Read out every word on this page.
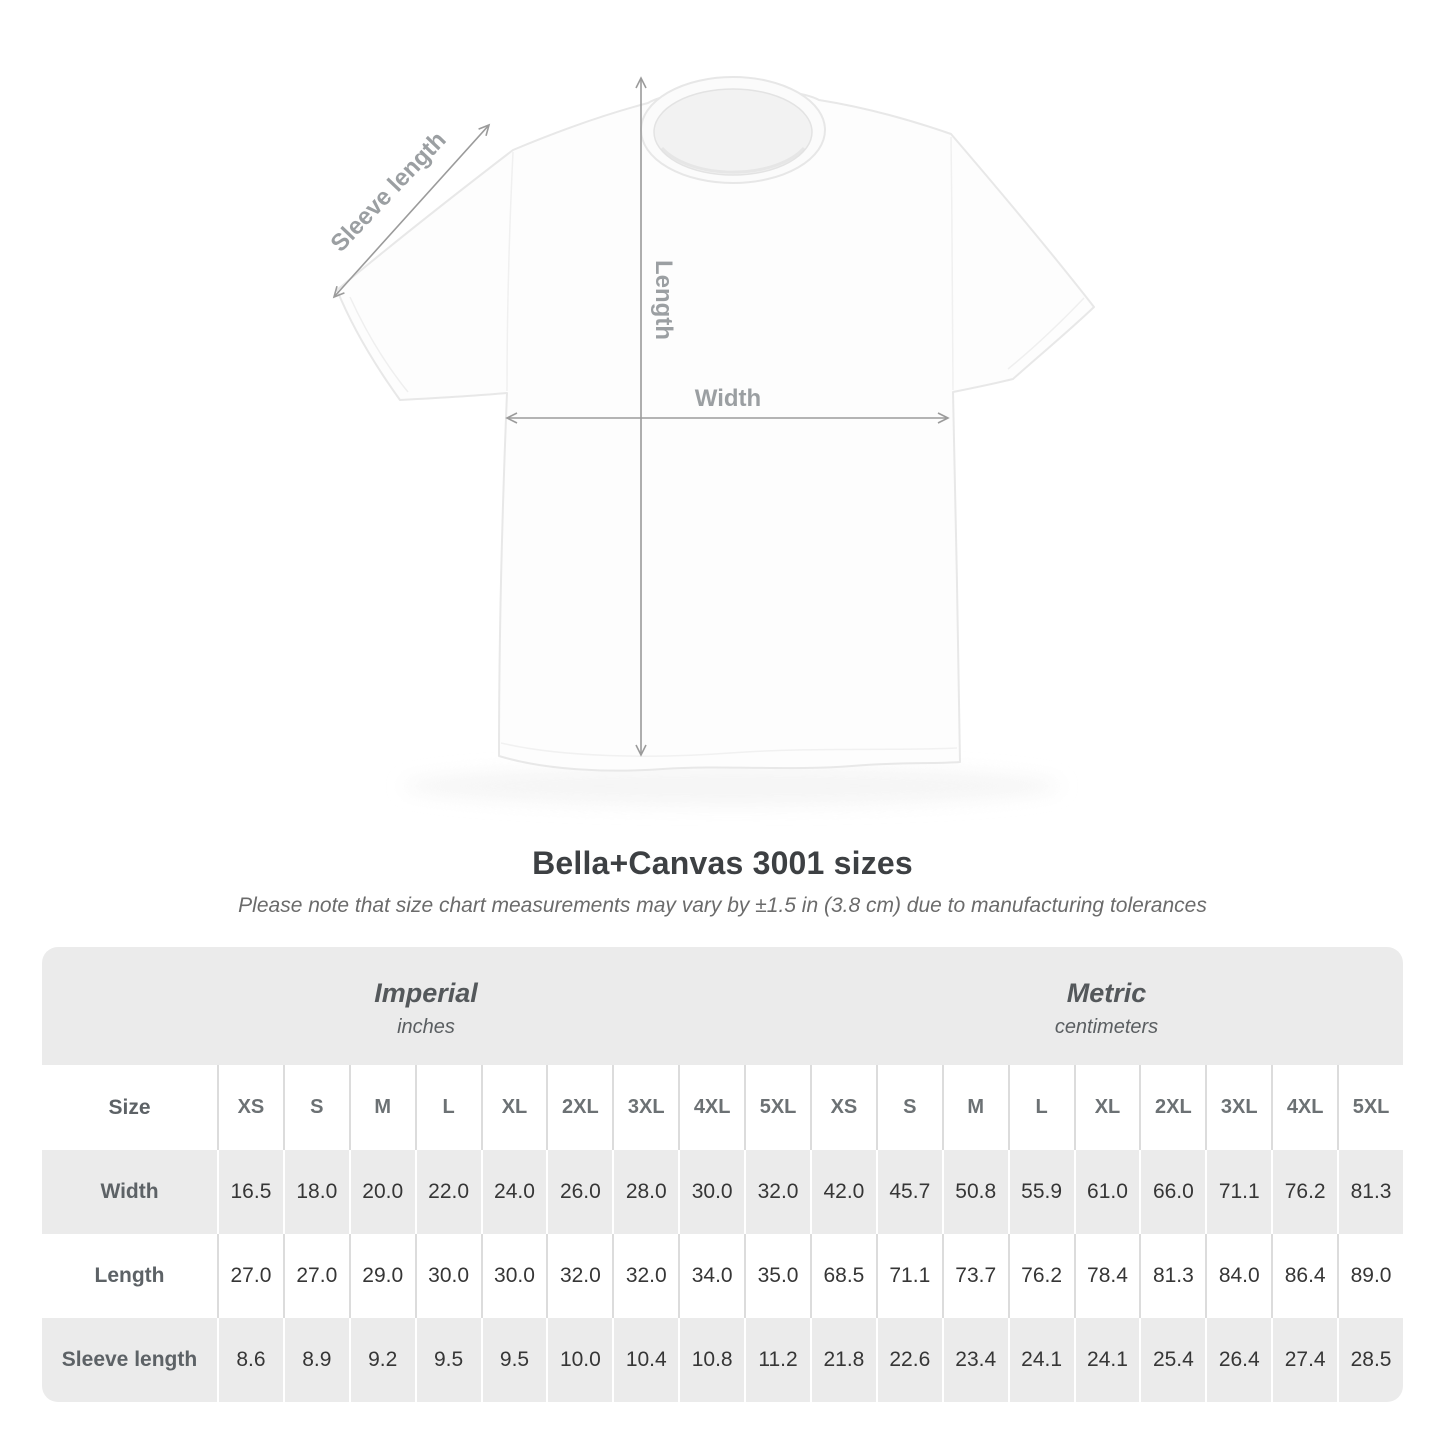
Sleeve length
Length
Width
Bella+Canvas 3001 sizes

Please note that size chart measurements may vary by ±1.5 in (3.8 cm) due to manufacturing tolerances

Imperial
inches
Metric
centimeters
Size	XS	S	M	L	XL	2XL	3XL	4XL	5XL	XS	S	M	L	XL	2XL	3XL	4XL	5XL
Width	16.5	18.0	20.0	22.0	24.0	26.0	28.0	30.0	32.0	42.0	45.7	50.8	55.9	61.0	66.0	71.1	76.2	81.3
Length	27.0	27.0	29.0	30.0	30.0	32.0	32.0	34.0	35.0	68.5	71.1	73.7	76.2	78.4	81.3	84.0	86.4	89.0
Sleeve length	8.6	8.9	9.2	9.5	9.5	10.0	10.4	10.8	11.2	21.8	22.6	23.4	24.1	24.1	25.4	26.4	27.4	28.5
